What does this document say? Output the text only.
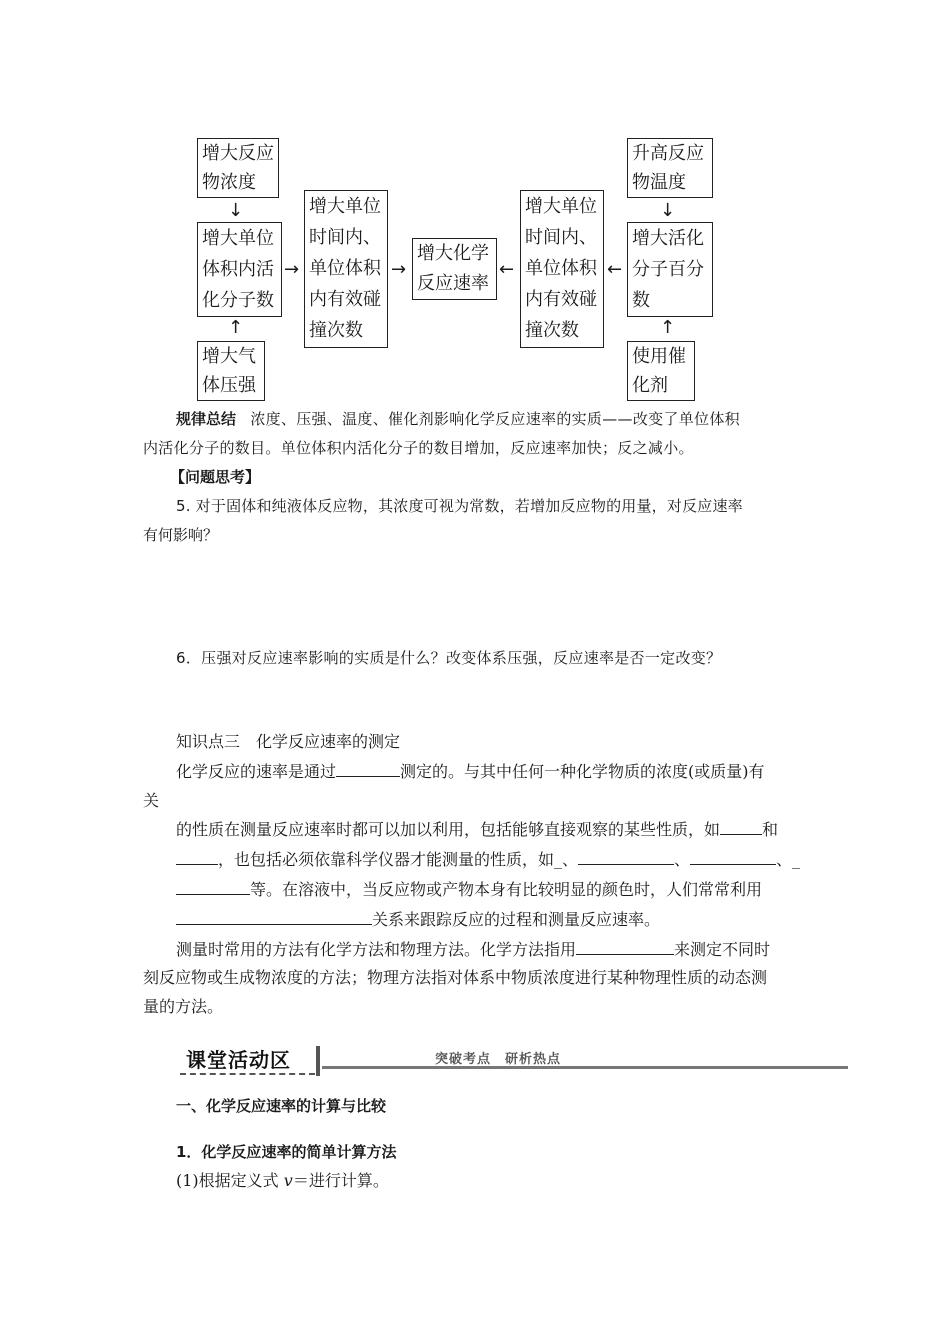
增大反应
物浓度
↓
增大单位
体积内活
化分子数
↑
增大气
体压强
→
增大单位
时间内、
单位体积
内有效碰
撞次数
→
增大化学
反应速率
←
增大单位
时间内、
单位体积
内有效碰
撞次数
←
升高反应
物温度
↓
增大活化
分子百分
数
↑
使用催
化剂
规律总结 浓度、压强、温度、催化剂影响化学反应速率的实质——改变了单位体积
内活化分子的数目。单位体积内活化分子的数目增加，反应速率加快；反之减小。
【问题思考】
5. 对于固体和纯液体反应物，其浓度可视为常数，若增加反应物的用量，对反应速率
有何影响？
6．压强对反应速率影响的实质是什么？改变体系压强，反应速率是否一定改变？
知识点三　化学反应速率的测定
化学反应的速率是通过	测定的。与其中任何一种化学物质的浓度(或质量)有
关
的性质在测量反应速率时都可以加以利用，包括能够直接观察的某些性质，如	和
，也包括必须依靠科学仪器才能测量的性质，如_、	、	、_
等。在溶液中，当反应物或产物本身有比较明显的颜色时，人们常常利用
关系来跟踪反应的过程和测量反应速率。
测量时常用的方法有化学方法和物理方法。化学方法指用	来测定不同时
刻反应物或生成物浓度的方法；物理方法指对体系中物质浓度进行某种物理性质的动态测
量的方法。
课堂活动区	突破考点　研析热点
一、化学反应速率的计算与比较
1．化学反应速率的简单计算方法
(1)根据定义式 v＝进行计算。
